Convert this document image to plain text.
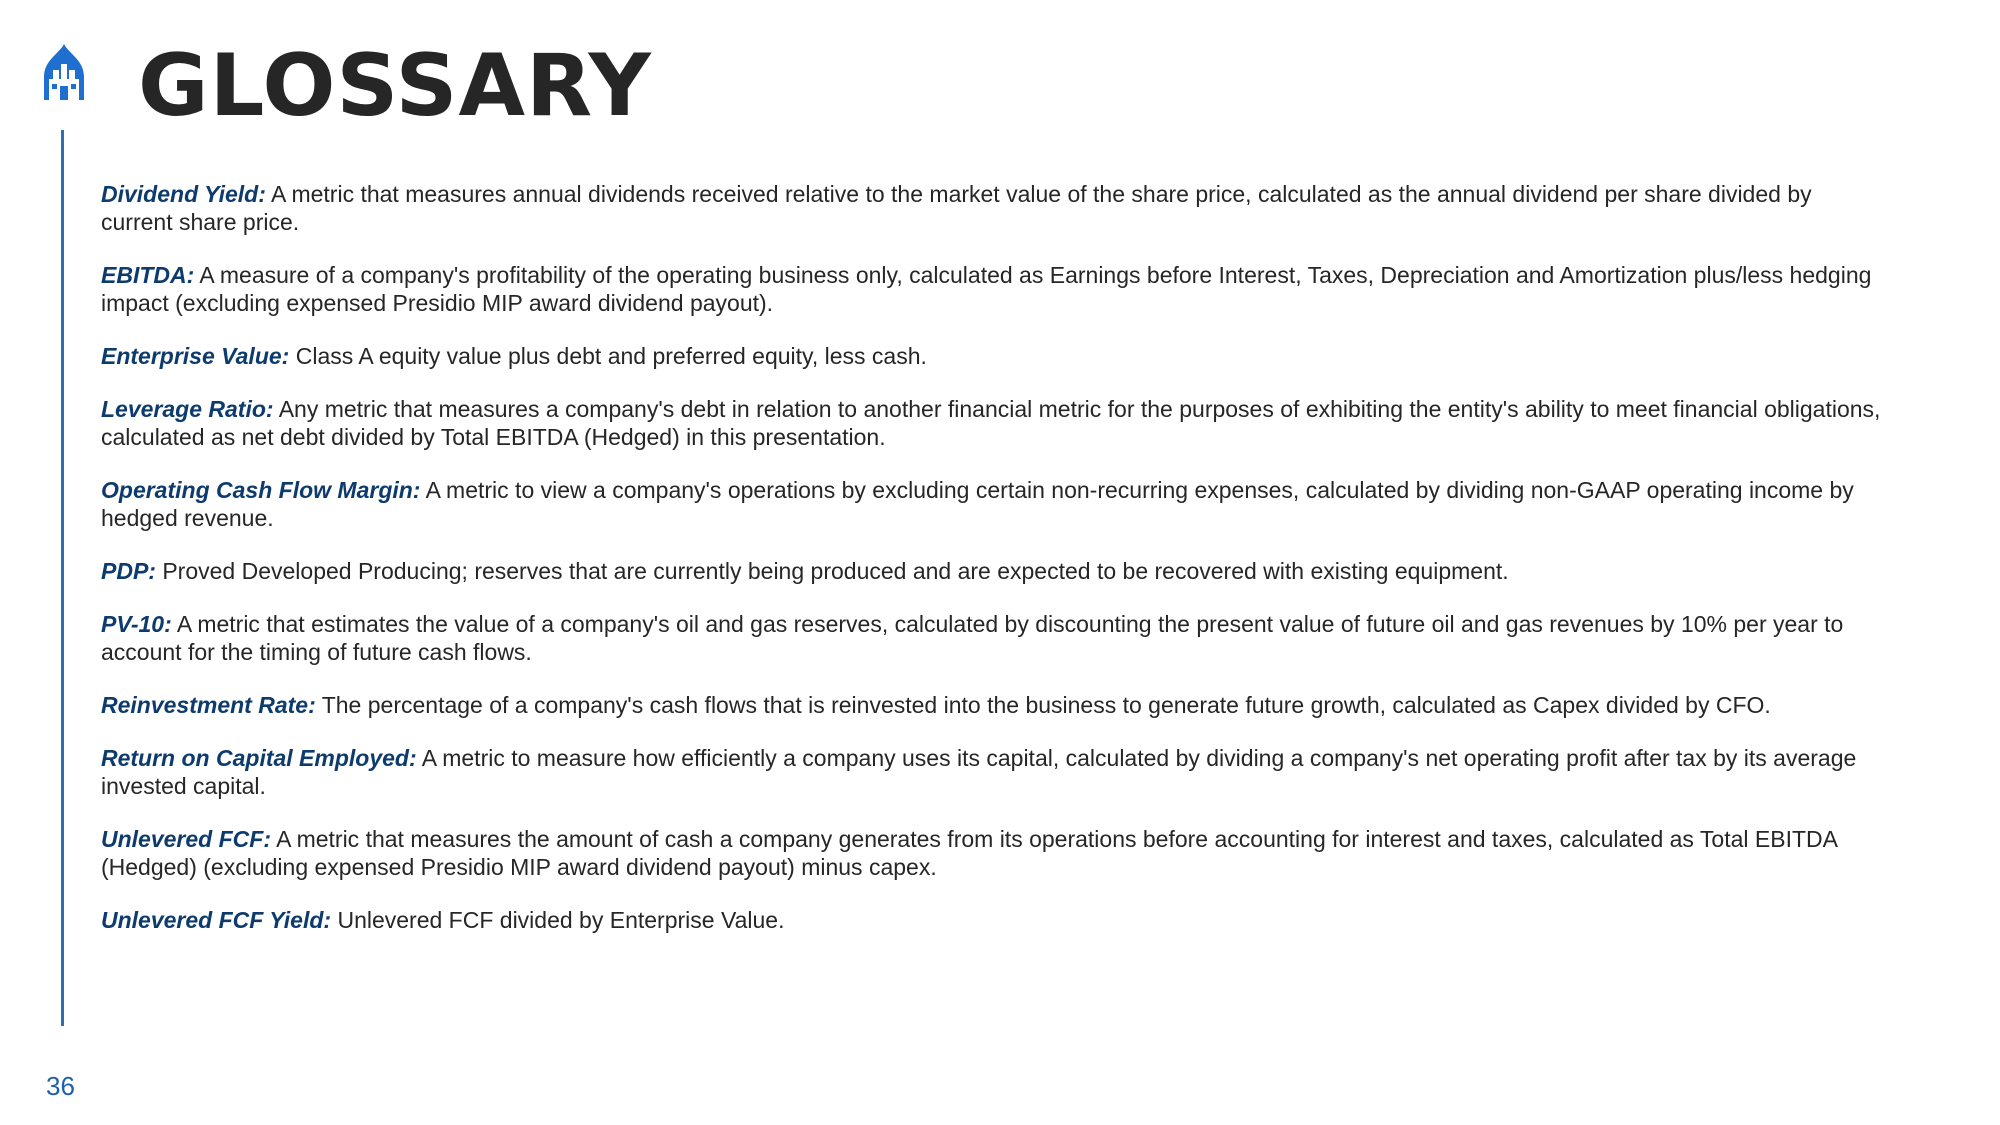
GLOSSARY

Dividend Yield: A metric that measures annual dividends received relative to the market value of the share price, calculated as the annual dividend per share divided by current share price.

EBITDA: A measure of a company's profitability of the operating business only, calculated as Earnings before Interest, Taxes, Depreciation and Amortization plus/less hedging impact (excluding expensed Presidio MIP award dividend payout).

Enterprise Value: Class A equity value plus debt and preferred equity, less cash.

Leverage Ratio: Any metric that measures a company's debt in relation to another financial metric for the purposes of exhibiting the entity's ability to meet financial obligations, calculated as net debt divided by Total EBITDA (Hedged) in this presentation.

Operating Cash Flow Margin: A metric to view a company's operations by excluding certain non-recurring expenses, calculated by dividing non-GAAP operating income by hedged revenue.

PDP: Proved Developed Producing; reserves that are currently being produced and are expected to be recovered with existing equipment.

PV-10: A metric that estimates the value of a company's oil and gas reserves, calculated by discounting the present value of future oil and gas revenues by 10% per year to account for the timing of future cash flows.

Reinvestment Rate: The percentage of a company's cash flows that is reinvested into the business to generate future growth, calculated as Capex divided by CFO.

Return on Capital Employed: A metric to measure how efficiently a company uses its capital, calculated by dividing a company's net operating profit after tax by its average invested capital.

Unlevered FCF: A metric that measures the amount of cash a company generates from its operations before accounting for interest and taxes, calculated as Total EBITDA (Hedged) (excluding expensed Presidio MIP award dividend payout) minus capex.

Unlevered FCF Yield: Unlevered FCF divided by Enterprise Value.

36
